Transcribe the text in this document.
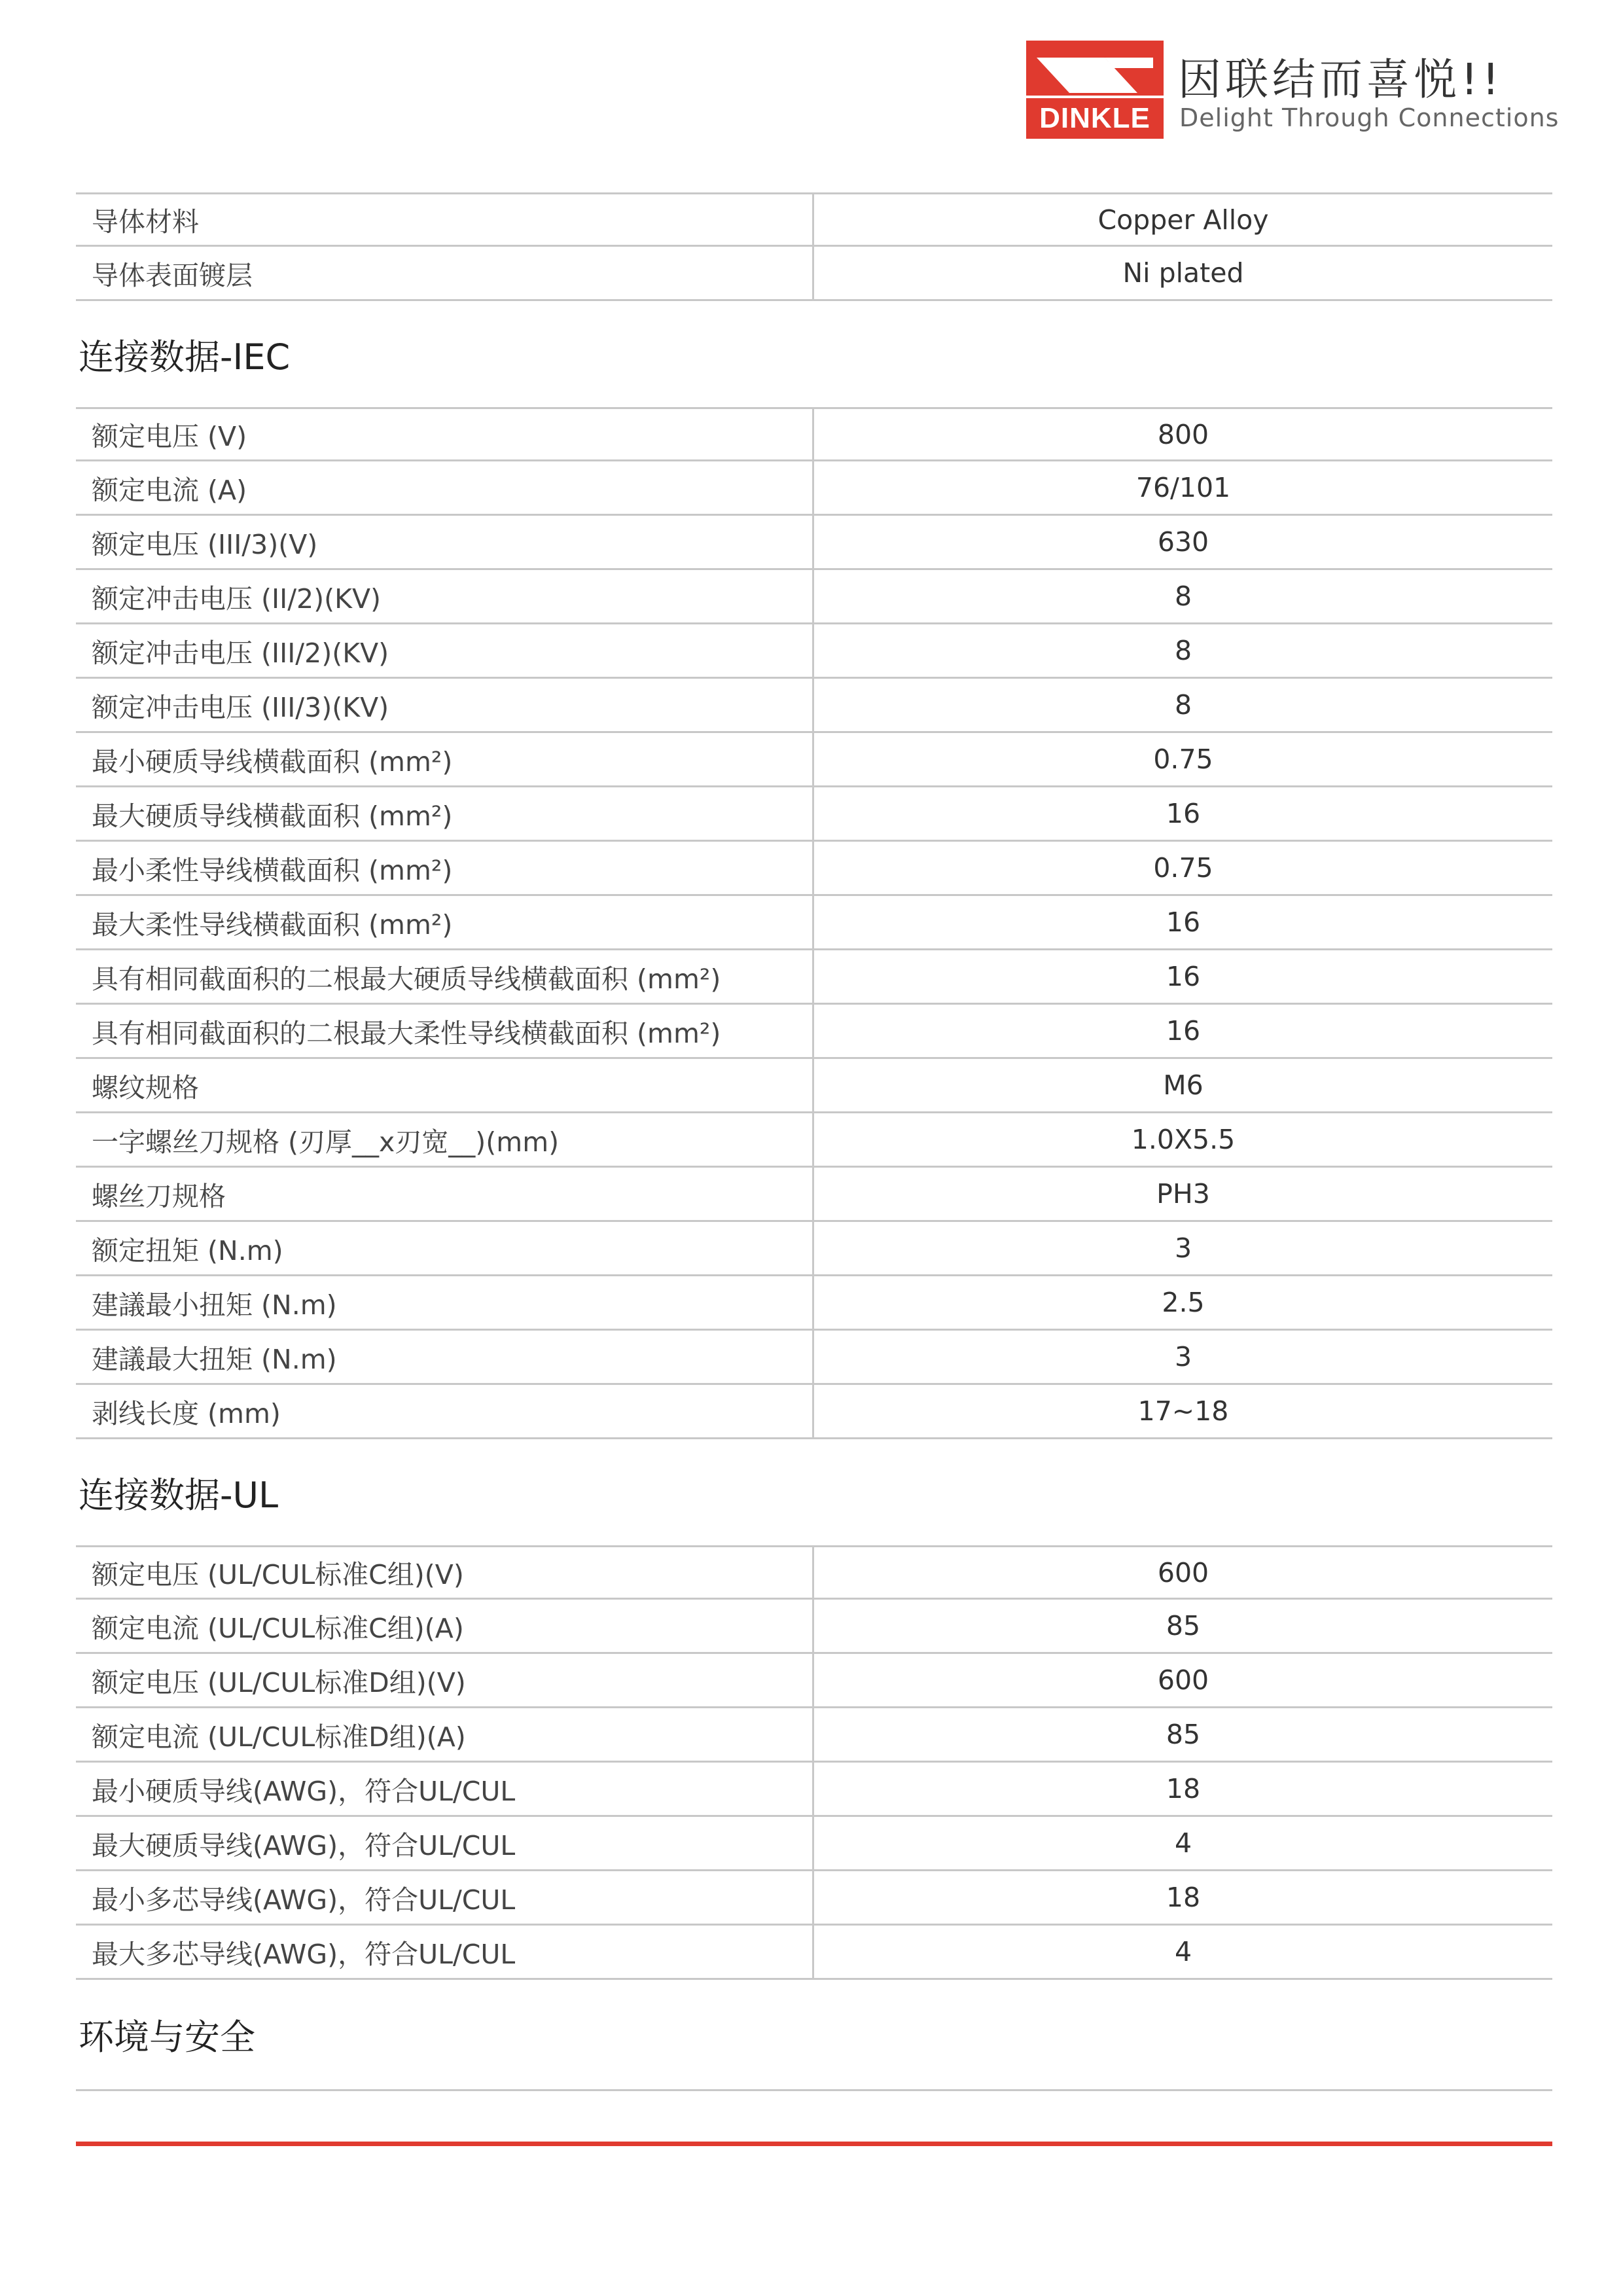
DINKLE
因联结而喜悦!!
Delight Through Connections
导体材料	Copper Alloy
导体表面镀层	Ni plated
连接数据-IEC
额定电压 (V)	800
额定电流 (A)	76/101
额定电压 (III/3)(V)	630
额定冲击电压 (II/2)(KV)	8
额定冲击电压 (III/2)(KV)	8
额定冲击电压 (III/3)(KV)	8
最小硬质导线横截面积 (mm²)	0.75
最大硬质导线横截面积 (mm²)	16
最小柔性导线横截面积 (mm²)	0.75
最大柔性导线横截面积 (mm²)	16
具有相同截面积的二根最大硬质导线横截面积 (mm²)	16
具有相同截面积的二根最大柔性导线横截面积 (mm²)	16
螺纹规格	M6
一字螺丝刀规格 (刃厚__x刃宽__)(mm)	1.0X5.5
螺丝刀规格	PH3
额定扭矩 (N.m)	3
建議最小扭矩 (N.m)	2.5
建議最大扭矩 (N.m)	3
剥线长度 (mm)	17~18
连接数据-UL
额定电压 (UL/CUL标准C组)(V)	600
额定电流 (UL/CUL标准C组)(A)	85
额定电压 (UL/CUL标准D组)(V)	600
额定电流 (UL/CUL标准D组)(A)	85
最小硬质导线(AWG)，符合UL/CUL	18
最大硬质导线(AWG)，符合UL/CUL	4
最小多芯导线(AWG)，符合UL/CUL	18
最大多芯导线(AWG)，符合UL/CUL	4
环境与安全
